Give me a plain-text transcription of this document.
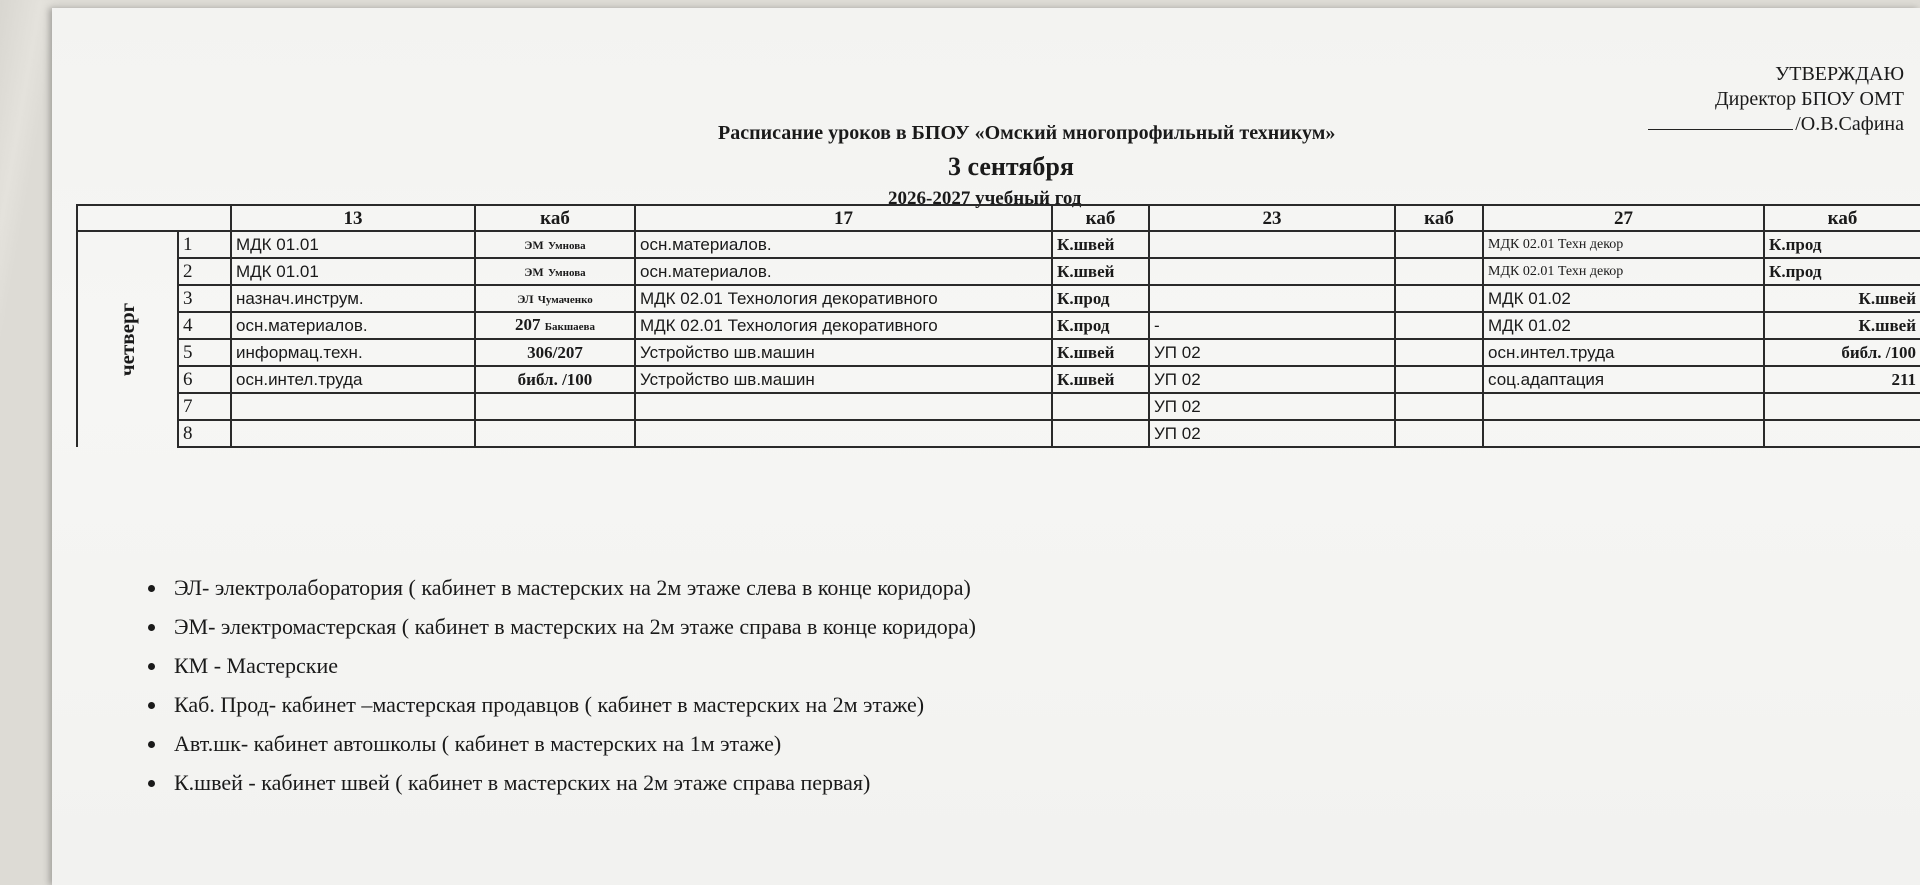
УТВЕРЖДАЮ
Директор БПОУ ОМТ
/О.В.Сафина
Расписание уроков в БПОУ «Омский многопрофильный техникум»
3 сентября
2026-2027 учебный год
		13	каб	17	каб	23	каб	27	каб
четверг	1	МДК 01.01	ЭМ Умнова	осн.материалов.	К.швей			МДК 02.01 Техн декор	К.прод
	2	МДК 01.01	ЭМ Умнова	осн.материалов.	К.швей			МДК 02.01 Техн декор	К.прод
	3	назнач.инструм.	ЭЛ Чумаченко	МДК 02.01 Технология декоративного	К.прод			МДК 01.02	К.швей
	4	осн.материалов.	207 Бакшаева	МДК 02.01 Технология декоративного	К.прод	-		МДК 01.02	К.швей
	5	информац.техн.	306/207	Устройство шв.машин	К.швей	УП 02		осн.интел.труда	библ. /100
	6	осн.интел.труда	библ. /100	Устройство шв.машин	К.швей	УП 02		соц.адаптация	211
	7					УП 02			
	8					УП 02			
• ЭЛ- электролаборатория ( кабинет в мастерских на 2м этаже слева в конце коридора)
• ЭМ- электромастерская ( кабинет в мастерских на 2м этаже справа в конце коридора)
• КМ - Мастерские
• Каб. Прод- кабинет –мастерская продавцов ( кабинет в мастерских на 2м этаже)
• Авт.шк- кабинет автошколы ( кабинет в мастерских на 1м этаже)
• К.швей - кабинет швей ( кабинет в мастерских на 2м этаже справа первая)
